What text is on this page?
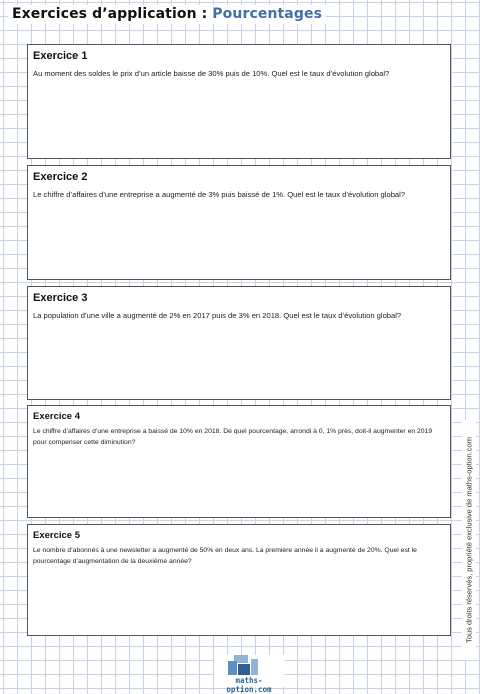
Exercices d’application : Pourcentages
Exercice 1

Au moment des soldes le prix d’un article baisse de 30% puis de 10%. Quel est le taux d’évolution global?

Exercice 2

Le chiffre d’affaires d’une entreprise a augmenté de 3% puis baissé de 1%. Quel est le taux d’évolution global?

Exercice 3

La population d’une ville a augmenté de 2% en 2017 puis de 3% en 2018. Quel est le taux d’évolution global?

Exercice 4

Le chiffre d’affaires d’une entreprise a baissé de 10% en 2018. De quel pourcentage, arrondi à 0, 1% près, doit-il augmenter en 2019 pour compenser cette diminution?

Exercice 5

Le nombre d’abonnés à une newsletter a augmenté de 50% en deux ans. La première année il a augmenté de 20%. Quel est le pourcentage d’augmentation de la deuxième année?	Tous droits réservés, propriété exclusive de maths-option.com
maths-option.com
